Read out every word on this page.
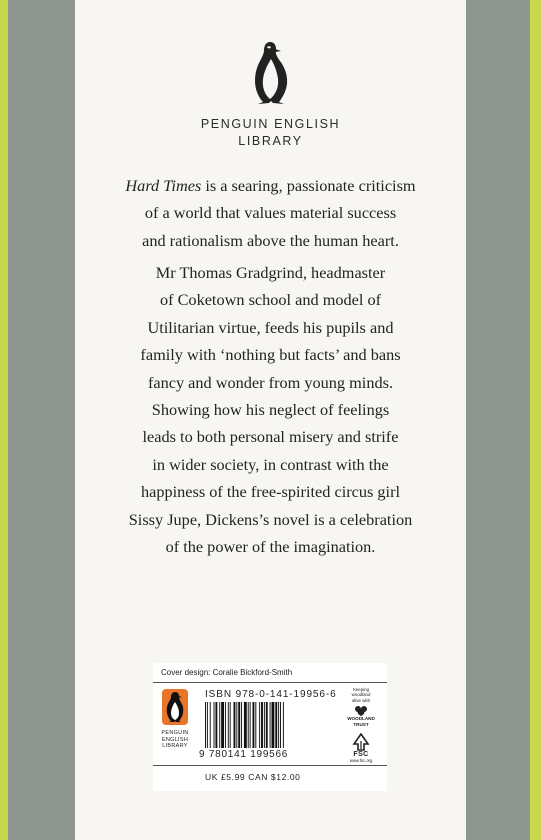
PENGUIN ENGLISH
LIBRARY
Hard Times is a searing, passionate criticism
of a world that values material success
and rationalism above the human heart.
Mr Thomas Gradgrind, headmaster
of Coketown school and model of
Utilitarian virtue, feeds his pupils and
family with ‘nothing but facts’ and bans
fancy and wonder from young minds.
Showing how his neglect of feelings
leads to both personal misery and strife
in wider society, in contrast with the
happiness of the free-spirited circus girl
Sissy Jupe, Dickens’s novel is a celebration
of the power of the imagination.
Cover design: Coralie Bickford-Smith
PENGUIN
ENGLISH
LIBRARY
ISBN 978-0-141-19956-6
9 780141 199566
Keeping
woodland
alive with
WOODLAND
TRUST
FSC
www.fsc.org
UK £5.99 CAN $12.00
